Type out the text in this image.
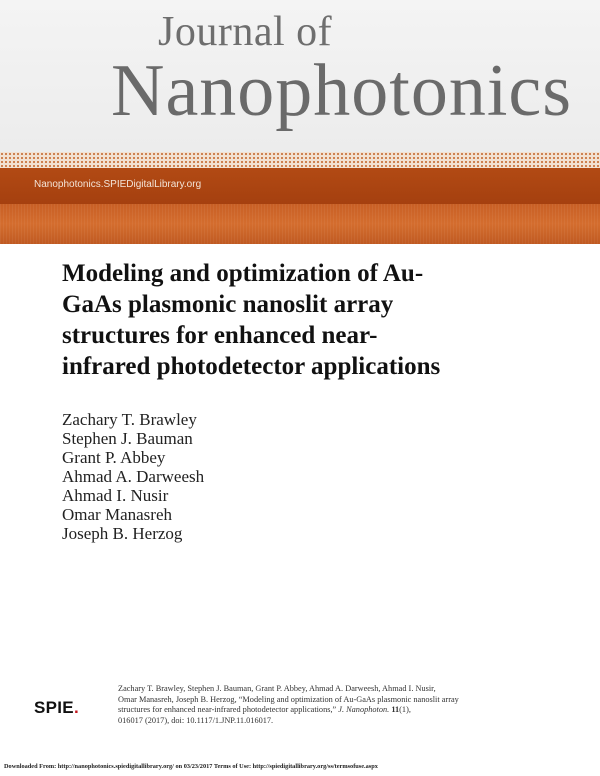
Journal of
Nanophotonics
Nanophotonics.SPIEDigitalLibrary.org
Modeling and optimization of Au-
GaAs plasmonic nanoslit array
structures for enhanced near-
infrared photodetector applications
Zachary T. Brawley
Stephen J. Bauman
Grant P. Abbey
Ahmad A. Darweesh
Ahmad I. Nusir
Omar Manasreh
Joseph B. Herzog
SPIE.
Zachary T. Brawley, Stephen J. Bauman, Grant P. Abbey, Ahmad A. Darweesh, Ahmad I. Nusir,
Omar Manasreh, Joseph B. Herzog, “Modeling and optimization of Au-GaAs plasmonic nanoslit array
structures for enhanced near-infrared photodetector applications,” J. Nanophoton. 11(1),
016017 (2017), doi: 10.1117/1.JNP.11.016017.
Downloaded From: http://nanophotonics.spiedigitallibrary.org/ on 03/23/2017 Terms of Use: http://spiedigitallibrary.org/ss/termsofuse.aspx
